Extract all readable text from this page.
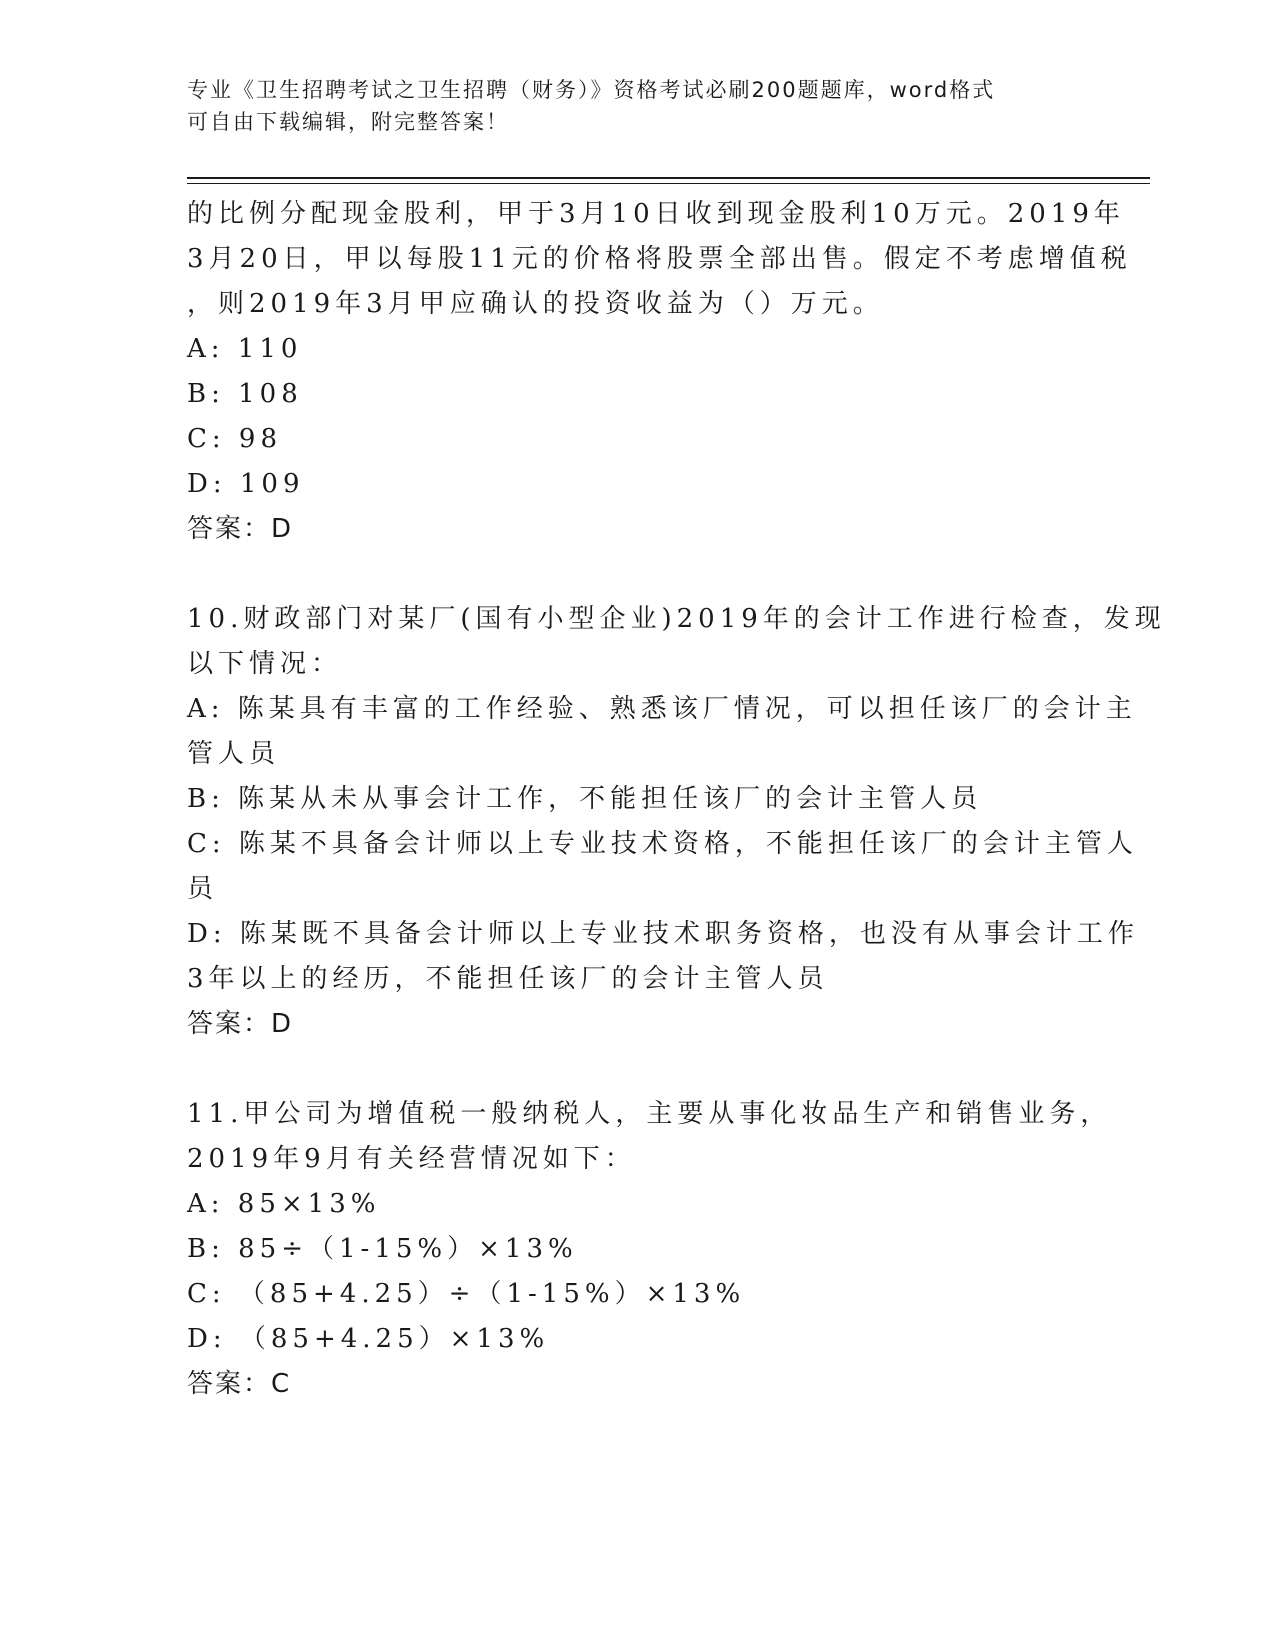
专业《卫生招聘考试之卫生招聘（财务）》资格考试必刷200题题库，word格式
可自由下载编辑，附完整答案！
的比例分配现金股利，甲于3月10日收到现金股利10万元。2019年
3月20日，甲以每股11元的价格将股票全部出售。假定不考虑增值税
，则2019年3月甲应确认的投资收益为（）万元。
A: 110
B: 108
C: 98
D: 109
答案：D
10.财政部门对某厂(国有小型企业)2019年的会计工作进行检查，发现
以下情况：
A: 陈某具有丰富的工作经验、熟悉该厂情况，可以担任该厂的会计主
管人员
B: 陈某从未从事会计工作，不能担任该厂的会计主管人员
C: 陈某不具备会计师以上专业技术资格，不能担任该厂的会计主管人
员
D: 陈某既不具备会计师以上专业技术职务资格，也没有从事会计工作
3年以上的经历，不能担任该厂的会计主管人员
答案：D
11.甲公司为增值税一般纳税人，主要从事化妆品生产和销售业务，
2019年9月有关经营情况如下：
A: 85×13%
B: 85÷（1-15%）×13%
C: （85+4.25）÷（1-15%）×13%
D: （85+4.25）×13%
答案：C
